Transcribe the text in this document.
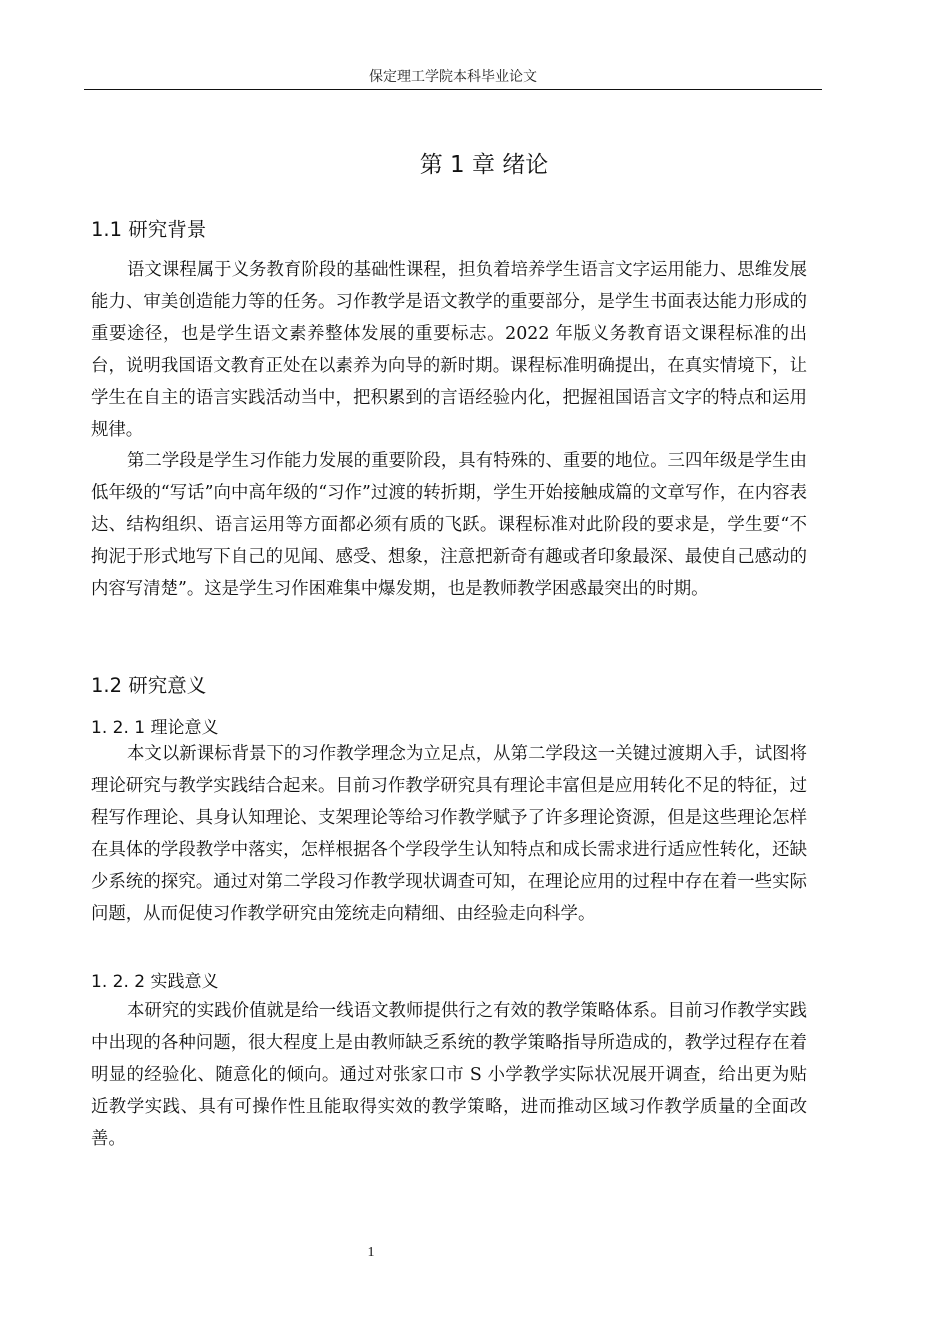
保定理工学院本科毕业论文
第 1 章 绪论
1.1 研究背景

语文课程属于义务教育阶段的基础性课程，担负着培养学生语言文字运用能力、思维发展能力、审美创造能力等的任务。习作教学是语文教学的重要部分，是学生书面表达能力形成的重要途径，也是学生语文素养整体发展的重要标志。2022 年版义务教育语文课程标准的出台，说明我国语文教育正处在以素养为向导的新时期。课程标准明确提出，在真实情境下，让学生在自主的语言实践活动当中，把积累到的言语经验内化，把握祖国语言文字的特点和运用规律。

第二学段是学生习作能力发展的重要阶段，具有特殊的、重要的地位。三四年级是学生由低年级的“写话”向中高年级的“习作”过渡的转折期，学生开始接触成篇的文章写作，在内容表达、结构组织、语言运用等方面都必须有质的飞跃。课程标准对此阶段的要求是，学生要“不拘泥于形式地写下自己的见闻、感受、想象，注意把新奇有趣或者印象最深、最使自己感动的内容写清楚”。这是学生习作困难集中爆发期，也是教师教学困惑最突出的时期。

1.2 研究意义
1. 2. 1 理论意义

本文以新课标背景下的习作教学理念为立足点，从第二学段这一关键过渡期入手，试图将理论研究与教学实践结合起来。目前习作教学研究具有理论丰富但是应用转化不足的特征，过程写作理论、具身认知理论、支架理论等给习作教学赋予了许多理论资源，但是这些理论怎样在具体的学段教学中落实，怎样根据各个学段学生认知特点和成长需求进行适应性转化，还缺少系统的探究。通过对第二学段习作教学现状调查可知，在理论应用的过程中存在着一些实际问题，从而促使习作教学研究由笼统走向精细、由经验走向科学。

1. 2. 2 实践意义

本研究的实践价值就是给一线语文教师提供行之有效的教学策略体系。目前习作教学实践中出现的各种问题，很大程度上是由教师缺乏系统的教学策略指导所造成的，教学过程存在着明显的经验化、随意化的倾向。通过对张家口市 S 小学教学实际状况展开调查，给出更为贴近教学实践、具有可操作性且能取得实效的教学策略，进而推动区域习作教学质量的全面改善。

1
